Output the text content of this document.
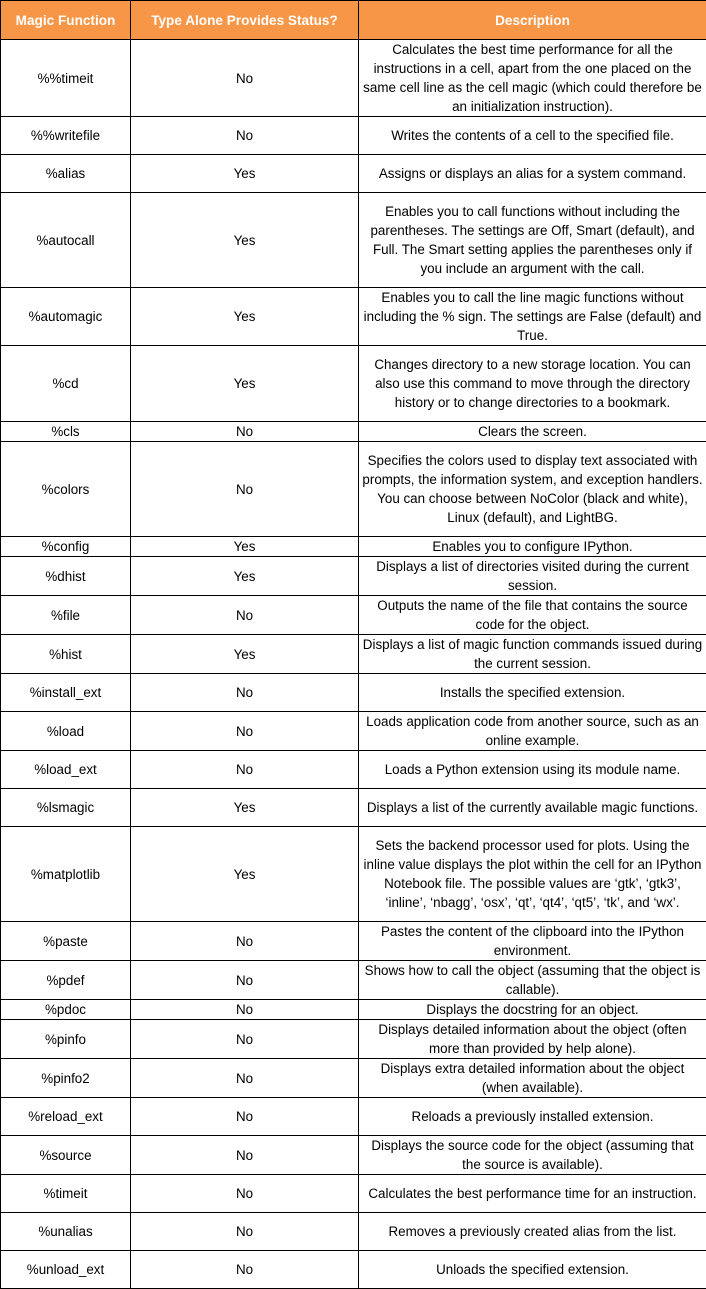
Magic Function	Type Alone Provides Status?	Description
%%timeit	No	Calculates the best time performance for all the instructions in a cell, apart from the one placed on the same cell line as the cell magic (which could therefore be an initialization instruction).
%%writefile	No	Writes the contents of a cell to the specified file.
%alias	Yes	Assigns or displays an alias for a system command.
%autocall	Yes	Enables you to call functions without including the parentheses. The settings are Off, Smart (default), and Full. The Smart setting applies the parentheses only if you include an argument with the call.
%automagic	Yes	Enables you to call the line magic functions without including the % sign. The settings are False (default) and True.
%cd	Yes	Changes directory to a new storage location. You can also use this command to move through the directory history or to change directories to a bookmark.
%cls	No	Clears the screen.
%colors	No	Specifies the colors used to display text associated with prompts, the information system, and exception handlers. You can choose between NoColor (black and white), Linux (default), and LightBG.
%config	Yes	Enables you to configure IPython.
%dhist	Yes	Displays a list of directories visited during the current session.
%file	No	Outputs the name of the file that contains the source code for the object.
%hist	Yes	Displays a list of magic function commands issued during the current session.
%install_ext	No	Installs the specified extension.
%load	No	Loads application code from another source, such as an online example.
%load_ext	No	Loads a Python extension using its module name.
%lsmagic	Yes	Displays a list of the currently available magic functions.
%matplotlib	Yes	Sets the backend processor used for plots. Using the inline value displays the plot within the cell for an IPython Notebook file. The possible values are ‘gtk’, ‘gtk3’, ‘inline’, ‘nbagg’, ‘osx’, ‘qt’, ‘qt4’, ‘qt5’, ‘tk’, and ‘wx’.
%paste	No	Pastes the content of the clipboard into the IPython environment.
%pdef	No	Shows how to call the object (assuming that the object is callable).
%pdoc	No	Displays the docstring for an object.
%pinfo	No	Displays detailed information about the object (often more than provided by help alone).
%pinfo2	No	Displays extra detailed information about the object (when available).
%reload_ext	No	Reloads a previously installed extension.
%source	No	Displays the source code for the object (assuming that the source is available).
%timeit	No	Calculates the best performance time for an instruction.
%unalias	No	Removes a previously created alias from the list.
%unload_ext	No	Unloads the specified extension.
